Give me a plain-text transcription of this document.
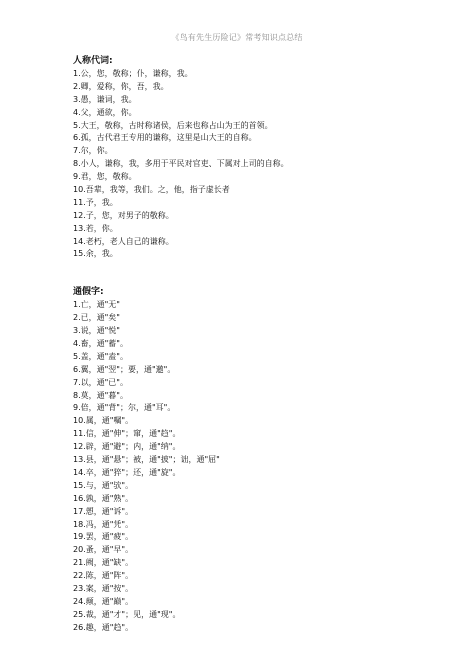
《鸟有先生历险记》常考知识点总结
人称代词:
1.公，您，敬称；仆，谦称，我。
2.卿，爱称，你，吾，我。
3.愚，谦词，我。
4.父，通欲，你。
5.大王，敬称，古时称诸侯，后来也称占山为王的首领。
6.孤，古代君王专用的谦称，这里是山大王的自称。
7.尔，你。
8.小人，谦称，我，多用于平民对官吏、下属对上司的自称。
9.君，您，敬称。
10.吾辈，我等，我们。之，他，指子虚长者
11.予，我。
12.子，您，对男子的敬称。
13.若，你。
14.老朽，老人自己的谦称。
15.余，我。
通假字:
1.亡，通"无"
2.已，通"矣"
3.说，通"悦"
4.畜，通"蓄"。
5.盖，通"盍"。
6.翼，通"翌"；要，通"邀"。
7.以，通"已"。
8.莫，通"暮"。
9.倍，通"背"；尔，通"耳"。
10.属，通"嘱"。
11.信，通"伸"；窜，通"趋"。
12.辟，通"避"；内，通"纳"。
13.县，通"悬"；被，通"披"；诎，通"屈"
14.卒，通"猝"；还，通"旋"。
15.与，通"欤"。
16.孰，通"熟"。
17.愬，通"诉"。
18.冯，通"凭"。
19.罢，通"疲"。
20.蚤，通"早"。
21.阙，通"缺"。
22.陈，通"阵"。
23.案，通"按"。
24.颠，通"巅"。
25.裁，通"才"；见，通"现"。
26.趣，通"趋"。
